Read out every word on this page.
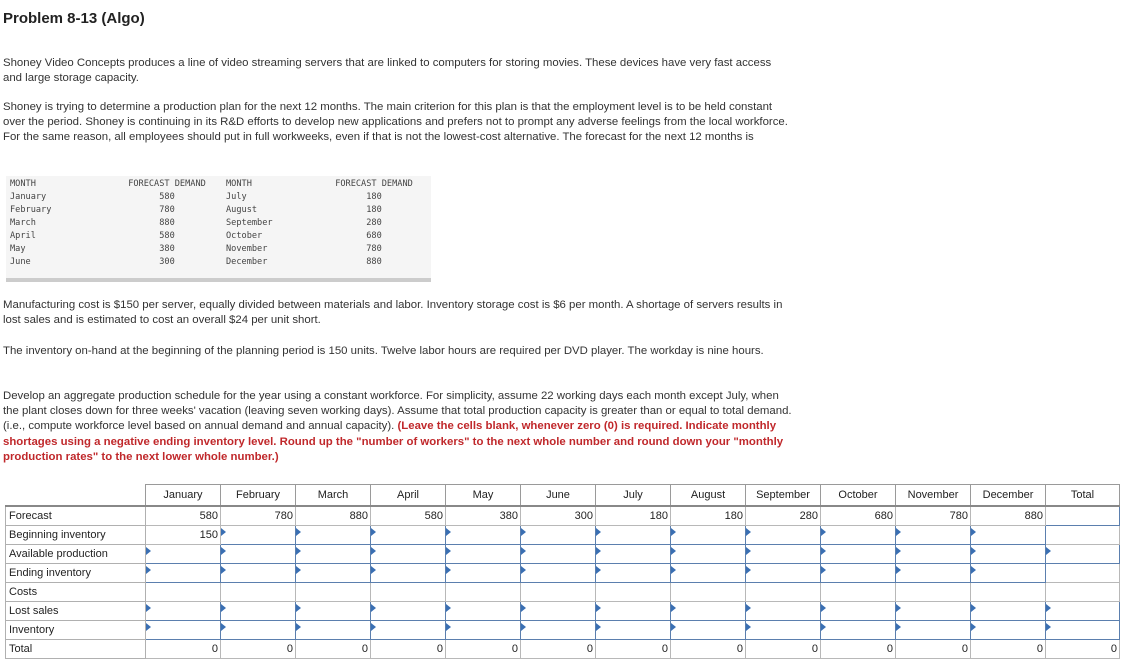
Problem 8-13 (Algo)

Shoney Video Concepts produces a line of video streaming servers that are linked to computers for storing movies. These devices have very fast access and large storage capacity.

Shoney is trying to determine a production plan for the next 12 months. The main criterion for this plan is that the employment level is to be held constant over the period. Shoney is continuing in its R&D efforts to develop new applications and prefers not to prompt any adverse feelings from the local workforce. For the same reason, all employees should put in full workweeks, even if that is not the lowest-cost alternative. The forecast for the next 12 months is

MONTH	FORECAST DEMAND	MONTH	FORECAST DEMAND
January	580	July	180
February	780	August	180
March	880	September	280
April	580	October	680
May	380	November	780
June	300	December	880

Manufacturing cost is $150 per server, equally divided between materials and labor. Inventory storage cost is $6 per month. A shortage of servers results in lost sales and is estimated to cost an overall $24 per unit short.

The inventory on-hand at the beginning of the planning period is 150 units. Twelve labor hours are required per DVD player. The workday is nine hours.

Develop an aggregate production schedule for the year using a constant workforce. For simplicity, assume 22 working days each month except July, when the plant closes down for three weeks' vacation (leaving seven working days). Assume that total production capacity is greater than or equal to total demand. (i.e., compute workforce level based on annual demand and annual capacity). (Leave the cells blank, whenever zero (0) is required. Indicate monthly shortages using a negative ending inventory level. Round up the "number of workers" to the next whole number and round down your "monthly production rates" to the next lower whole number.)

	January	February	March	April	May	June	July	August	September	October	November	December	Total
Forecast	580	780	880	580	380	300	180	180	280	680	780	880	
Beginning inventory	150												
Available production													
Ending inventory													
Costs													
Lost sales													
Inventory													
Total	0	0	0	0	0	0	0	0	0	0	0	0	0
